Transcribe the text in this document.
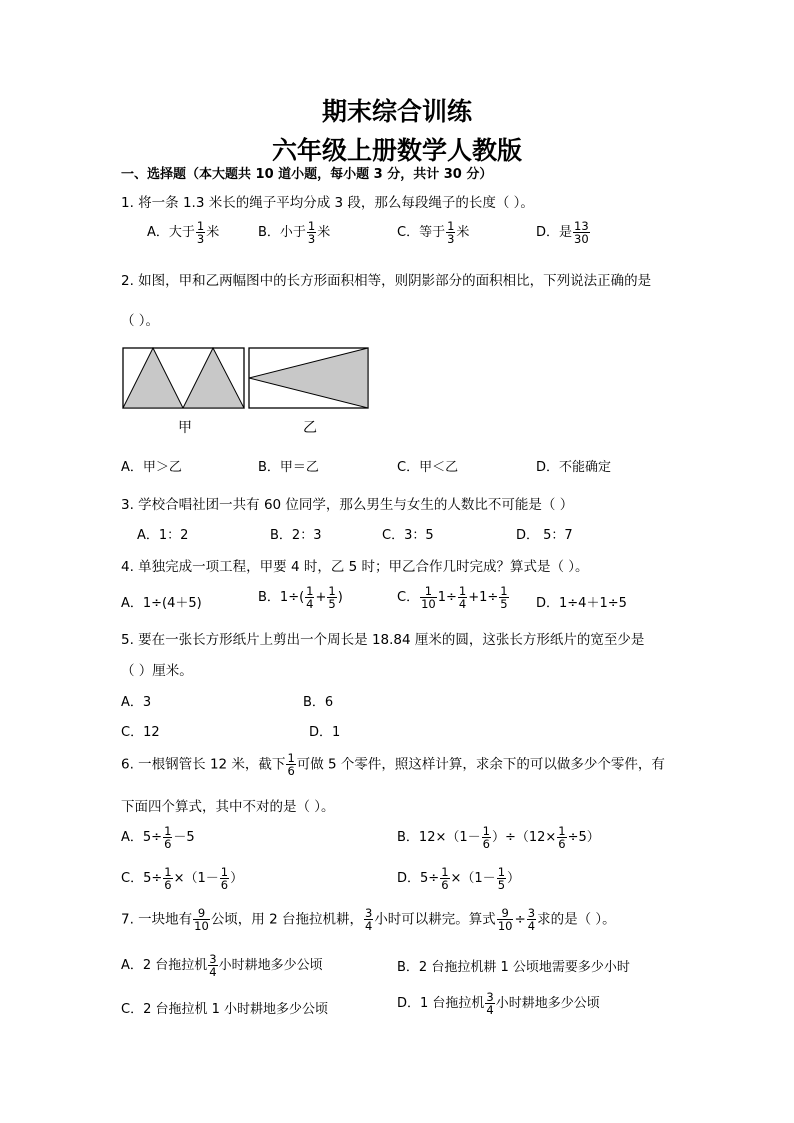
期末综合训练
六年级上册数学人教版
一、选择题（本大题共 10 道小题，每小题 3 分，共计 30 分）
1. 将一条 1.3 米长的绳子平均分成 3 段，那么每段绳子的长度（ ）。
A．大于 $\frac{1}{3}$ 米	B．小于 $\frac{1}{3}$ 米	C．等于 $\frac{1}{3}$ 米	D．是 $\frac{13}{30}$
2. 如图，甲和乙两幅图中的长方形面积相等，则阴影部分的面积相比，下列说法正确的是
（ ）。
甲	乙
A．甲＞乙	B．甲＝乙	C．甲＜乙	D．不能确定
3. 学校合唱社团一共有 60 位同学，那么男生与女生的人数比不可能是（ ）
A．1：2	B．2：3	C．3：5	D． 5：7
4. 单独完成一项工程，甲要 4 时，乙 5 时；甲乙合作几时完成？算式是（ ）。
A．1÷(4＋5)	B．$1\div( \frac{1}{4} + \frac{1}{5}$ )	C． $\frac{1}{10} 1\div \frac{1}{4} +1\div \frac{1}{5}$ D．1÷4＋1÷5
5. 要在一张长方形纸片上剪出一个周长是 18.84 厘米的圆，这张长方形纸片的宽至少是
（ ）厘米。
A．3	B．6
C．12	D．1
6. 一根钢管长 12 米，截下 $\frac{1}{6}$ 可做 5 个零件，照这样计算，求余下的可以做多少个零件，有
下面四个算式，其中不对的是（ ）。
A．$5\div \frac{1}{6} -5$	B．$12\times(1- \frac{1}{6} )\div(12\times \frac{1}{6} \div 5)$
C．$5\div \frac{1}{6} \times(1- \frac{1}{6}$ ）	D．$5\div \frac{1}{6} \times(1- \frac{1}{5}$ ）
7. 一块地有 $\frac{9}{10}$ 公顷，用 2 台拖拉机耕， $\frac{3}{4}$ 小时可以耕完。算式 $\frac{9}{10} \div \frac{3}{4}$ 求的是（ ）。
A．2 台拖拉机 $\frac{3}{4}$ 小时耕地多少公顷	B．2 台拖拉机耕 1 公顷地需要多少小时
C．2 台拖拉机 1 小时耕地多少公顷	D．1 台拖拉机 $\frac{3}{4}$ 小时耕地多少公顷
